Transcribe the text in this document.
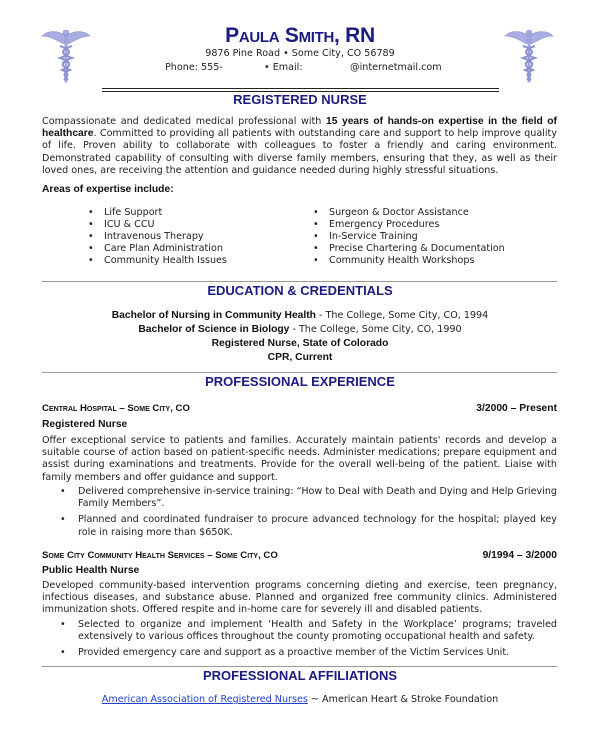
Paula Smith, RN
9876 Pine Road • Some City, CO 56789
Phone: 555-	• Email:	@internetmail.com
REGISTERED NURSE
Compassionate and dedicated medical professional with 15 years of hands-on expertise in the field of healthcare. Committed to providing all patients with outstanding care and support to help improve quality of life. Proven ability to collaborate with colleagues to foster a friendly and caring environment. Demonstrated capability of consulting with diverse family members, ensuring that they, as well as their loved ones, are receiving the attention and guidance needed during highly stressful situations.
Areas of expertise include:
• Life Support
• ICU & CCU
• Intravenous Therapy
• Care Plan Administration
• Community Health Issues
• Surgeon & Doctor Assistance
• Emergency Procedures
• In-Service Training
• Precise Chartering & Documentation
• Community Health Workshops
EDUCATION & CREDENTIALS
Bachelor of Nursing in Community Health - The College, Some City, CO, 1994
Bachelor of Science in Biology - The College, Some City, CO, 1990
Registered Nurse, State of Colorado
CPR, Current
PROFESSIONAL EXPERIENCE
Central Hospital – Some City, CO	3/2000 – Present
Registered Nurse
Offer exceptional service to patients and families. Accurately maintain patients' records and develop a suitable course of action based on patient-specific needs. Administer medications; prepare equipment and assist during examinations and treatments. Provide for the overall well-being of the patient. Liaise with family members and offer guidance and support.
• Delivered comprehensive in-service training: “How to Deal with Death and Dying and Help Grieving Family Members”.
• Planned and coordinated fundraiser to procure advanced technology for the hospital; played key role in raising more than $650K.
Some City Community Health Services – Some City, CO	9/1994 – 3/2000
Public Health Nurse
Developed community-based intervention programs concerning dieting and exercise, teen pregnancy, infectious diseases, and substance abuse. Planned and organized free community clinics. Administered immunization shots. Offered respite and in-home care for severely ill and disabled patients.
• Selected to organize and implement ‘Health and Safety in the Workplace’ programs; traveled extensively to various offices throughout the county promoting occupational health and safety.
• Provided emergency care and support as a proactive member of the Victim Services Unit.
PROFESSIONAL AFFILIATIONS
American Association of Registered Nurses ~ American Heart & Stroke Foundation
